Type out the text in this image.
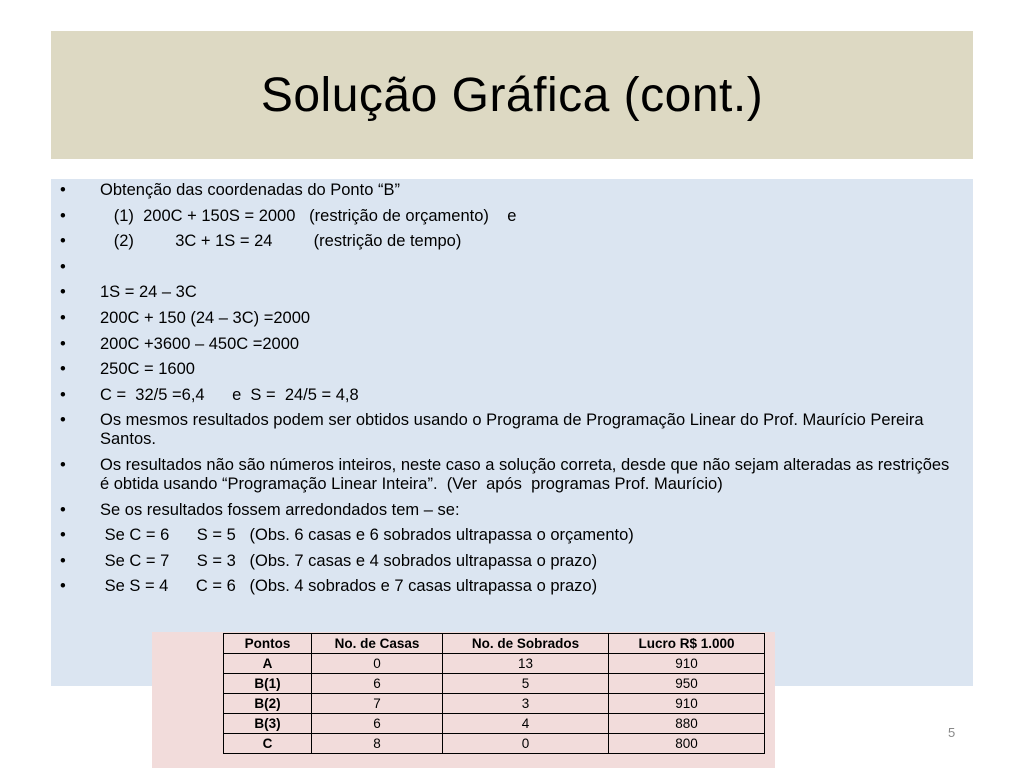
Solução Gráfica (cont.)
• Obtenção das coordenadas do Ponto “B”
• (1)  200C + 150S = 2000   (restrição de orçamento)    e
• (2)         3C + 1S = 24         (restrição de tempo)
•
• 1S = 24 – 3C
• 200C + 150 (24 – 3C) =2000
• 200C +3600 – 450C =2000
• 250C = 1600
• C =  32/5 =6,4      e  S =  24/5 = 4,8
• Os mesmos resultados podem ser obtidos usando o Programa de Programação Linear do Prof. Maurício Pereira Santos.
• Os resultados não são números inteiros, neste caso a solução correta, desde que não sejam alteradas as restrições é obtida usando “Programação Linear Inteira”.  (Ver  após  programas Prof. Maurício)
• Se os resultados fossem arredondados tem – se:
• Se C = 6      S = 5   (Obs. 6 casas e 6 sobrados ultrapassa o orçamento)
• Se C = 7      S = 3   (Obs. 7 casas e 4 sobrados ultrapassa o prazo)
• Se S = 4      C = 6   (Obs. 4 sobrados e 7 casas ultrapassa o prazo)
Pontos	No. de Casas	No. de Sobrados	Lucro R$ 1.000
A	0	13	910
B(1)	6	5	950
B(2)	7	3	910
B(3)	6	4	880
C	8	0	800
5
